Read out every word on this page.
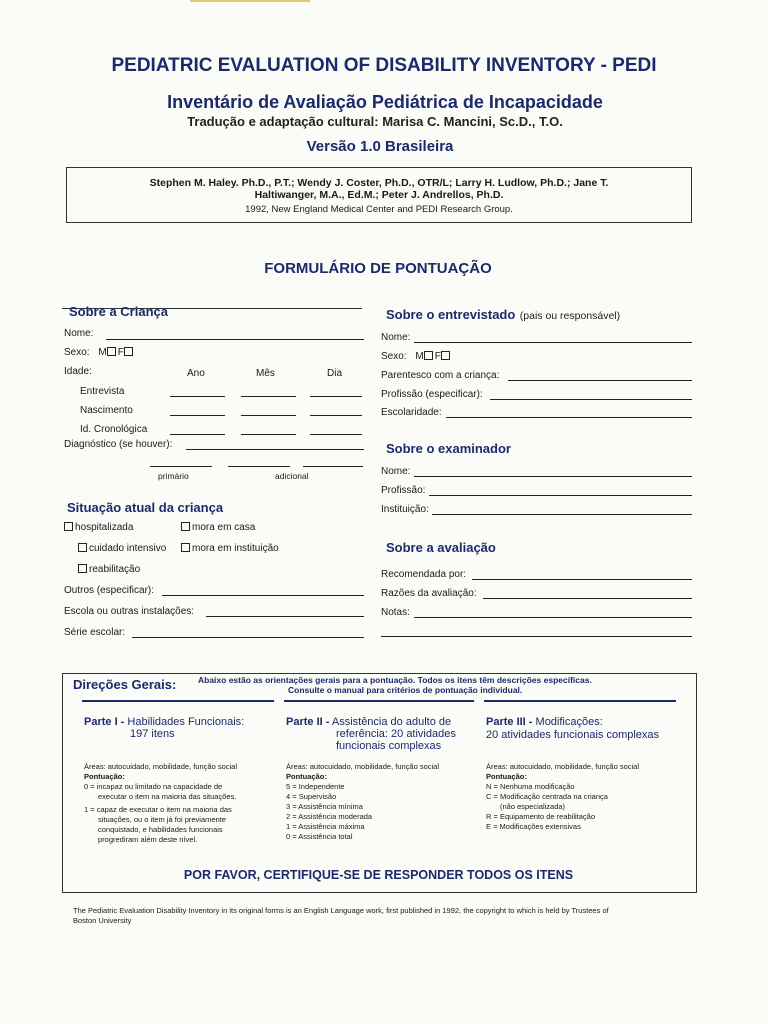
PEDIATRIC EVALUATION OF DISABILITY INVENTORY - PEDI
Inventário de Avaliação Pediátrica de Incapacidade
Tradução e adaptação cultural: Marisa C. Mancini, Sc.D., T.O.
Versão 1.0 Brasileira
Stephen M. Haley. Ph.D., P.T.; Wendy J. Coster, Ph.D., OTR/L; Larry H. Ludlow, Ph.D.; Jane T.
Haltiwanger, M.A., Ed.M.; Peter J. Andrellos, Ph.D.
1992, New England Medical Center and PEDI Research Group.
FORMULÁRIO DE PONTUAÇÃO
Sobre a Criança
Nome:
Sexo: M F
Idade:	Ano	Mês	Dia
Entrevista
Nascimento
Id. Cronológica
Diagnóstico (se houver):
primário	adicional
Situação atual da criança
hospitalizada	mora em casa
cuidado intensivo	mora em instituição
reabilitação
Outros (especificar):
Escola ou outras instalações:
Série escolar:
Sobre o entrevistado (pais ou responsável)
Nome:
Sexo: M F
Parentesco com a criança:
Profissão (especificar):
Escolaridade:
Sobre o examinador
Nome:
Profissão:
Instituição:
Sobre a avaliação
Recomendada por:
Razões da avaliação:
Notas:
Direções Gerais:	Abaixo estão as orientações gerais para a pontuação. Todos os itens têm descrições específicas.
Consulte o manual para critérios de pontuação individual.
Parte I - Habilidades Funcionais:
197 itens
Áreas: autocuidado, mobilidade, função social
Pontuação:
0 = incapaz ou limitado na capacidade de
executar o item na maioria das situações.
1 = capaz de executar o item na maioria das
situações, ou o item já foi previamente
conquistado, e habilidades funcionais
progrediram além deste nível.
Parte II - Assistência do adulto de
referência: 20 atividades
funcionais complexas
Áreas: autocuidado, mobilidade, função social
Pontuação:
5 = Independente
4 = Supervisão
3 = Assistência mínima
2 = Assistência moderada
1 = Assistência máxima
0 = Assistência total
Parte III - Modificações:
20 atividades funcionais complexas
Áreas: autocuidado, mobilidade, função social
Pontuação:
N = Nenhuma modificação
C = Modificação centrada na criança
(não especializada)
R = Equipamento de reabilitação
E = Modificações extensivas
POR FAVOR, CERTIFIQUE-SE DE RESPONDER TODOS OS ITENS
The Pediatric Evaluation Disability Inventory in its original forms is an English Language work, first published in 1992, the copyright to which is held by Trustees of
Boston University
